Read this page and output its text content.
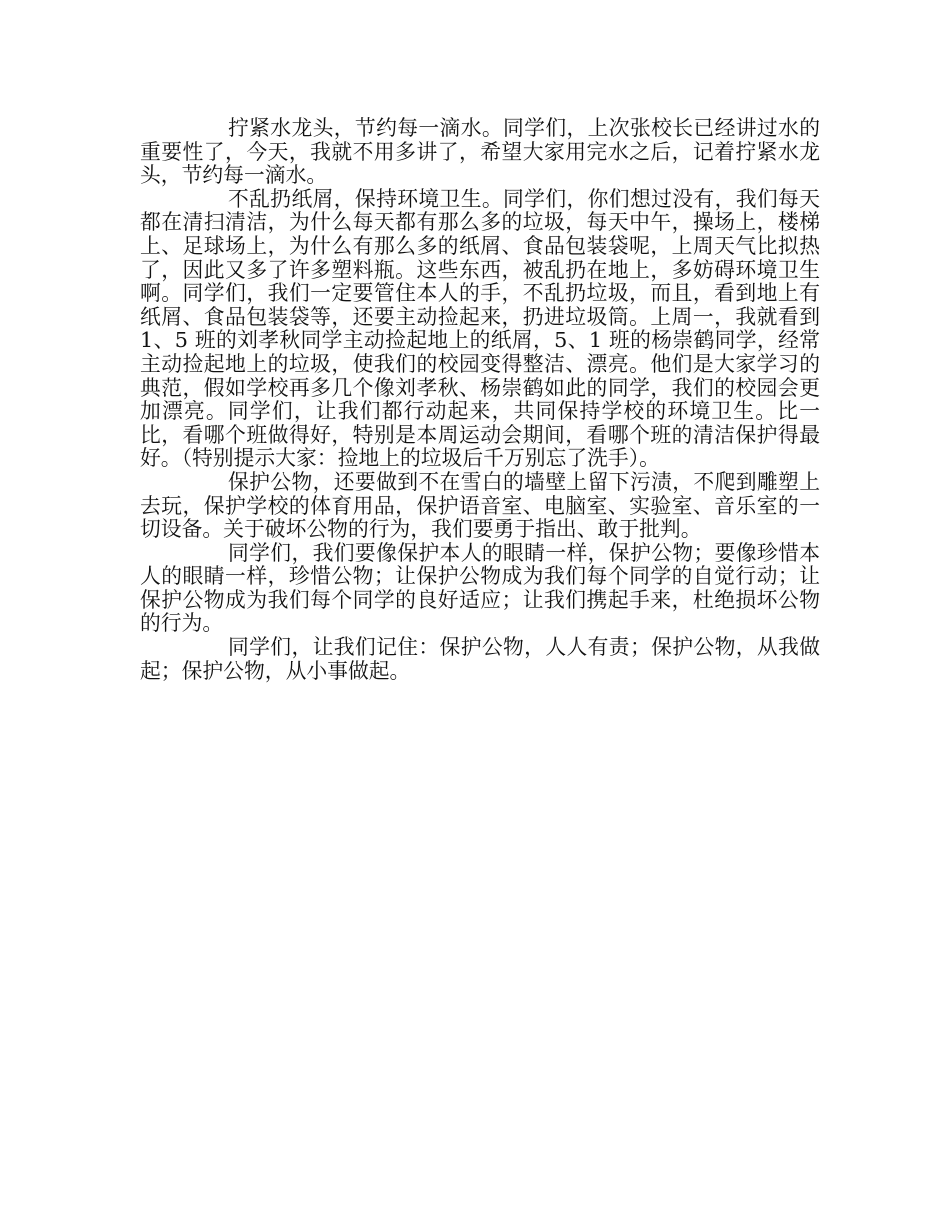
拧紧水龙头，节约每一滴水。同学们，上次张校长已经讲过水的重要性了，今天，我就不用多讲了，希望大家用完水之后，记着拧紧水龙头，节约每一滴水。

不乱扔纸屑，保持环境卫生。同学们，你们想过没有，我们每天都在清扫清洁，为什么每天都有那么多的垃圾，每天中午，操场上，楼梯上、足球场上，为什么有那么多的纸屑、食品包装袋呢，上周天气比拟热了，因此又多了许多塑料瓶。这些东西，被乱扔在地上，多妨碍环境卫生啊。同学们，我们一定要管住本人的手，不乱扔垃圾，而且，看到地上有纸屑、食品包装袋等，还要主动捡起来，扔进垃圾筒。上周一，我就看到 1、5 班的刘孝秋同学主动捡起地上的纸屑，5、1 班的杨崇鹤同学，经常主动捡起地上的垃圾，使我们的校园变得整洁、漂亮。他们是大家学习的典范，假如学校再多几个像刘孝秋、杨崇鹤如此的同学，我们的校园会更加漂亮。同学们，让我们都行动起来，共同保持学校的环境卫生。比一比，看哪个班做得好，特别是本周运动会期间，看哪个班的清洁保护得最好。（特别提示大家：捡地上的垃圾后千万别忘了洗手）。

保护公物，还要做到不在雪白的墙壁上留下污渍，不爬到雕塑上去玩，保护学校的体育用品，保护语音室、电脑室、实验室、音乐室的一切设备。关于破坏公物的行为，我们要勇于指出、敢于批判。

同学们，我们要像保护本人的眼睛一样，保护公物；要像珍惜本人的眼睛一样，珍惜公物；让保护公物成为我们每个同学的自觉行动；让保护公物成为我们每个同学的良好适应；让我们携起手来，杜绝损坏公物的行为。

同学们，让我们记住：保护公物，人人有责；保护公物，从我做起；保护公物，从小事做起。
